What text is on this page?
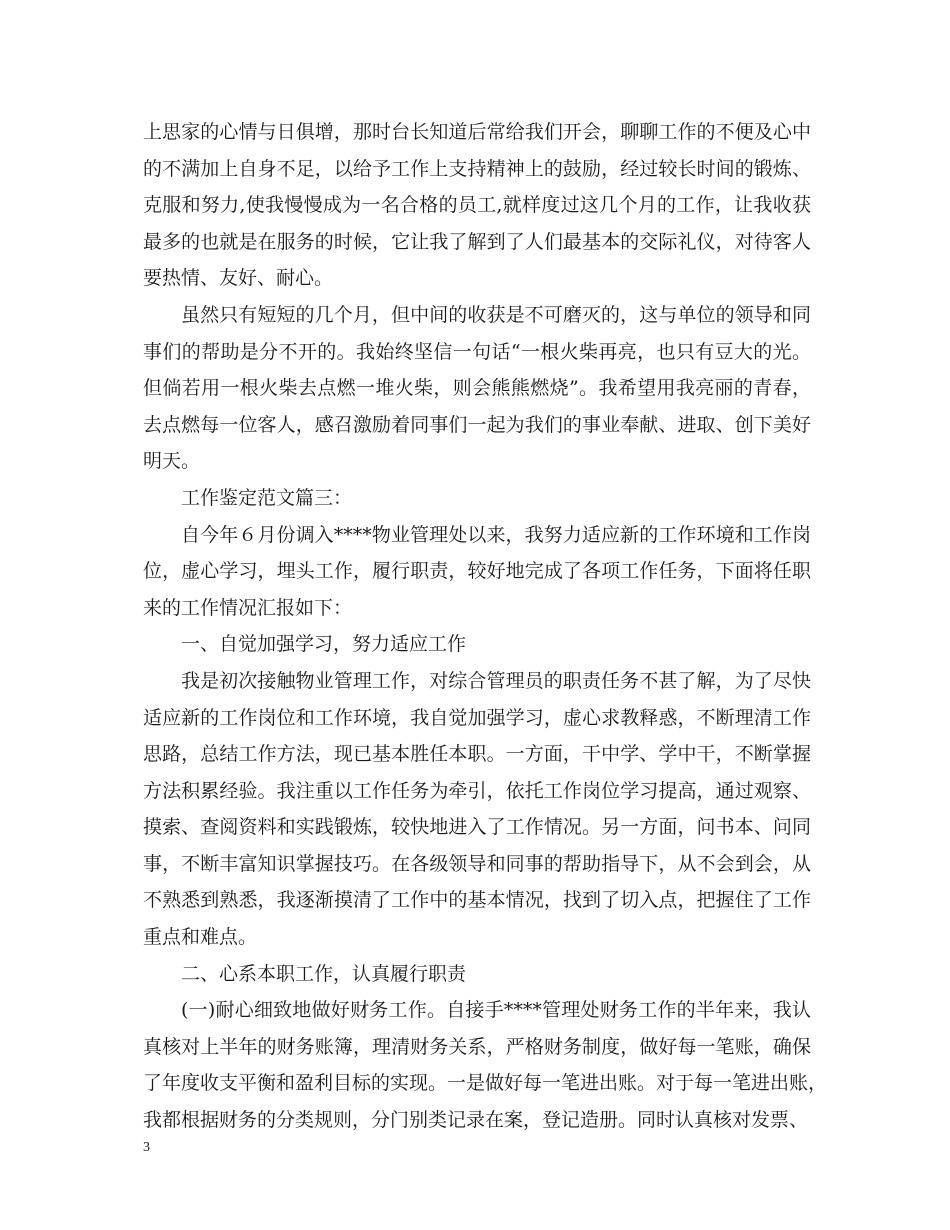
上思家的心情与日俱增，那时台长知道后常给我们开会，聊聊工作的不便及心中
的不满加上自身不足，以给予工作上支持精神上的鼓励，经过较长时间的锻炼、
克服和努力,使我慢慢成为一名合格的员工,就样度过这几个月的工作，让我收获
最多的也就是在服务的时候，它让我了解到了人们最基本的交际礼仪，对待客人
要热情、友好、耐心。
虽然只有短短的几个月，但中间的收获是不可磨灭的，这与单位的领导和同
事们的帮助是分不开的。我始终坚信一句话“一根火柴再亮，也只有豆大的光。
但倘若用一根火柴去点燃一堆火柴，则会熊熊燃烧”。我希望用我亮丽的青春，
去点燃每一位客人，感召激励着同事们一起为我们的事业奉献、进取、创下美好
明天。
工作鉴定范文篇三：
自今年６月份调入****物业管理处以来，我努力适应新的工作环境和工作岗
位，虚心学习，埋头工作，履行职责，较好地完成了各项工作任务，下面将任职
来的工作情况汇报如下：
一、自觉加强学习，努力适应工作
我是初次接触物业管理工作，对综合管理员的职责任务不甚了解，为了尽快
适应新的工作岗位和工作环境，我自觉加强学习，虚心求教释惑，不断理清工作
思路，总结工作方法，现已基本胜任本职。一方面，干中学、学中干，不断掌握
方法积累经验。我注重以工作任务为牵引，依托工作岗位学习提高，通过观察、
摸索、查阅资料和实践锻炼，较快地进入了工作情况。另一方面，问书本、问同
事，不断丰富知识掌握技巧。在各级领导和同事的帮助指导下，从不会到会，从
不熟悉到熟悉，我逐渐摸清了工作中的基本情况，找到了切入点，把握住了工作
重点和难点。
二、心系本职工作，认真履行职责
(一)耐心细致地做好财务工作。自接手****管理处财务工作的半年来，我认
真核对上半年的财务账簿，理清财务关系，严格财务制度，做好每一笔账，确保
了年度收支平衡和盈利目标的实现。一是做好每一笔进出账。对于每一笔进出账，
我都根据财务的分类规则，分门别类记录在案，登记造册。同时认真核对发票、
3
